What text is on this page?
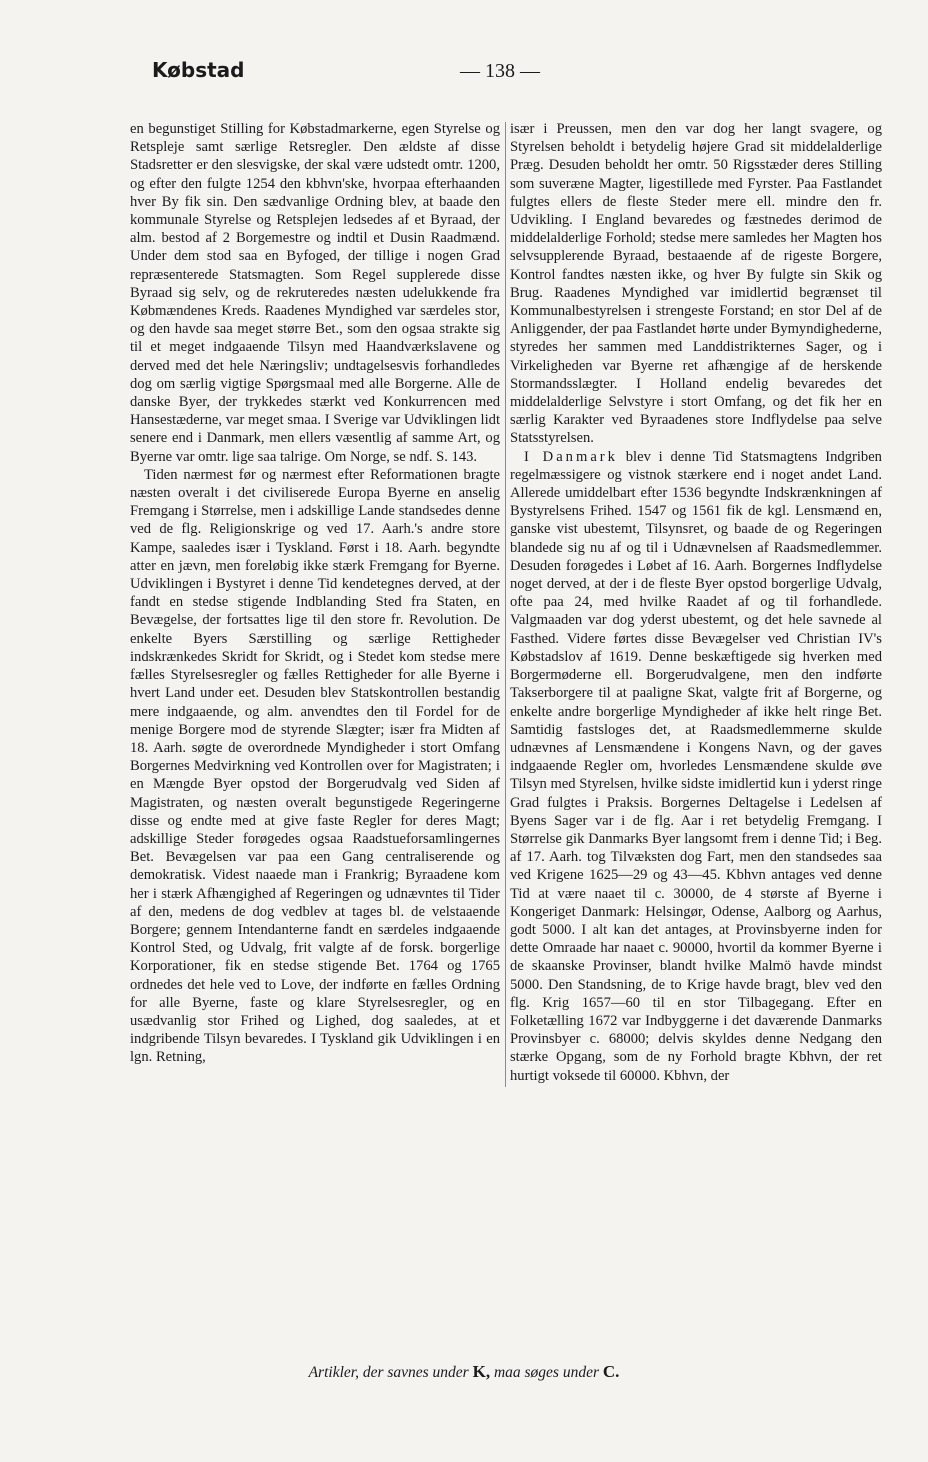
Købstad	— 138 —

en begunstiget Stilling for Købstadmarkerne, egen Styrelse og Retspleje samt særlige Retsregler. Den ældste af disse Stadsretter er den slesvigske, der skal være udstedt omtr. 1200, og efter den fulgte 1254 den kbhvn'ske, hvorpaa efterhaanden hver By fik sin. Den sædvanlige Ordning blev, at baade den kommunale Styrelse og Retsplejen ledsedes af et Byraad, der alm. bestod af 2 Borgemestre og indtil et Dusin Raadmænd. Under dem stod saa en Byfoged, der tillige i nogen Grad repræsenterede Statsmagten. Som Regel supplerede disse Byraad sig selv, og de rekruteredes næsten udelukkende fra Købmændenes Kreds. Raadenes Myndighed var særdeles stor, og den havde saa meget større Bet., som den ogsaa strakte sig til et meget indgaaende Tilsyn med Haandværkslavene og derved med det hele Næringsliv; undtagelsesvis forhandledes dog om særlig vigtige Spørgsmaal med alle Borgerne. Alle de danske Byer, der trykkedes stærkt ved Konkurrencen med Hansestæderne, var meget smaa. I Sverige var Udviklingen lidt senere end i Danmark, men ellers væsentlig af samme Art, og Byerne var omtr. lige saa talrige. Om Norge, se ndf. S. 143.

Tiden nærmest før og nærmest efter Reformationen bragte næsten overalt i det civiliserede Europa Byerne en anselig Fremgang i Størrelse, men i adskillige Lande standsedes denne ved de flg. Religionskrige og ved 17. Aarh.'s andre store Kampe, saaledes især i Tyskland. Først i 18. Aarh. begyndte atter en jævn, men foreløbig ikke stærk Fremgang for Byerne. Udviklingen i Bystyret i denne Tid kendetegnes derved, at der fandt en stedse stigende Indblanding Sted fra Staten, en Bevægelse, der fortsattes lige til den store fr. Revolution. De enkelte Byers Særstilling og særlige Rettigheder indskrænkedes Skridt for Skridt, og i Stedet kom stedse mere fælles Styrelsesregler og fælles Rettigheder for alle Byerne i hvert Land under eet. Desuden blev Statskontrollen bestandig mere indgaaende, og alm. anvendtes den til Fordel for de menige Borgere mod de styrende Slægter; især fra Midten af 18. Aarh. søgte de overordnede Myndigheder i stort Omfang Borgernes Medvirkning ved Kontrollen over for Magistraten; i en Mængde Byer opstod der Borgerudvalg ved Siden af Magistraten, og næsten overalt begunstigede Regeringerne disse og endte med at give faste Regler for deres Magt; adskillige Steder forøgedes ogsaa Raadstueforsamlingernes Bet. Bevægelsen var paa een Gang centraliserende og demokratisk. Videst naaede man i Frankrig; Byraadene kom her i stærk Afhængighed af Regeringen og udnævntes til Tider af den, medens de dog vedblev at tages bl. de velstaaende Borgere; gennem Intendanterne fandt en særdeles indgaaende Kontrol Sted, og Udvalg, frit valgte af de forsk. borgerlige Korporationer, fik en stedse stigende Bet. 1764 og 1765 ordnedes det hele ved to Love, der indførte en fælles Ordning for alle Byerne, faste og klare Styrelsesregler, og en usædvanlig stor Frihed og Lighed, dog saaledes, at et indgribende Tilsyn bevaredes. I Tyskland gik Udviklingen i en lgn. Retning,

især i Preussen, men den var dog her langt svagere, og Styrelsen beholdt i betydelig højere Grad sit middelalderlige Præg. Desuden beholdt her omtr. 50 Rigsstæder deres Stilling som suveræne Magter, ligestillede med Fyrster. Paa Fastlandet fulgtes ellers de fleste Steder mere ell. mindre den fr. Udvikling. I England bevaredes og fæstnedes derimod de middelalderlige Forhold; stedse mere samledes her Magten hos selvsupplerende Byraad, bestaaende af de rigeste Borgere, Kontrol fandtes næsten ikke, og hver By fulgte sin Skik og Brug. Raadenes Myndighed var imidlertid begrænset til Kommunalbestyrelsen i strengeste Forstand; en stor Del af de Anliggender, der paa Fastlandet hørte under Bymyndighederne, styredes her sammen med Landdistrikternes Sager, og i Virkeligheden var Byerne ret afhængige af de herskende Stormandsslægter. I Holland endelig bevaredes det middelalderlige Selvstyre i stort Omfang, og det fik her en særlig Karakter ved Byraadenes store Indflydelse paa selve Statsstyrelsen.

I Danmark blev i denne Tid Statsmagtens Indgriben regelmæssigere og vistnok stærkere end i noget andet Land. Allerede umiddelbart efter 1536 begyndte Indskrænkningen af Bystyrelsens Frihed. 1547 og 1561 fik de kgl. Lensmænd en, ganske vist ubestemt, Tilsynsret, og baade de og Regeringen blandede sig nu af og til i Udnævnelsen af Raadsmedlemmer. Desuden forøgedes i Løbet af 16. Aarh. Borgernes Indflydelse noget derved, at der i de fleste Byer opstod borgerlige Udvalg, ofte paa 24, med hvilke Raadet af og til forhandlede. Valgmaaden var dog yderst ubestemt, og det hele savnede al Fasthed. Videre førtes disse Bevægelser ved Christian IV's Købstadslov af 1619. Denne beskæftigede sig hverken med Borgermøderne ell. Borgerudvalgene, men den indførte Takserborgere til at paaligne Skat, valgte frit af Borgerne, og enkelte andre borgerlige Myndigheder af ikke helt ringe Bet. Samtidig fastsloges det, at Raadsmedlemmerne skulde udnævnes af Lensmændene i Kongens Navn, og der gaves indgaaende Regler om, hvorledes Lensmændene skulde øve Tilsyn med Styrelsen, hvilke sidste imidlertid kun i yderst ringe Grad fulgtes i Praksis. Borgernes Deltagelse i Ledelsen af Byens Sager var i de flg. Aar i ret betydelig Fremgang. I Størrelse gik Danmarks Byer langsomt frem i denne Tid; i Beg. af 17. Aarh. tog Tilvæksten dog Fart, men den standsedes saa ved Krigene 1625—29 og 43—45. Kbhvn antages ved denne Tid at være naaet til c. 30000, de 4 største af Byerne i Kongeriget Danmark: Helsingør, Odense, Aalborg og Aarhus, godt 5000. I alt kan det antages, at Provinsbyerne inden for dette Omraade har naaet c. 90000, hvortil da kommer Byerne i de skaanske Provinser, blandt hvilke Malmö havde mindst 5000. Den Standsning, de to Krige havde bragt, blev ved den flg. Krig 1657—60 til en stor Tilbagegang. Efter en Folketælling 1672 var Indbyggerne i det daværende Danmarks Provinsbyer c. 68000; delvis skyldes denne Nedgang den stærke Opgang, som de ny Forhold bragte Kbhvn, der ret hurtigt voksede til 60000. Kbhvn, der

Artikler, der savnes under K, maa søges under C.
